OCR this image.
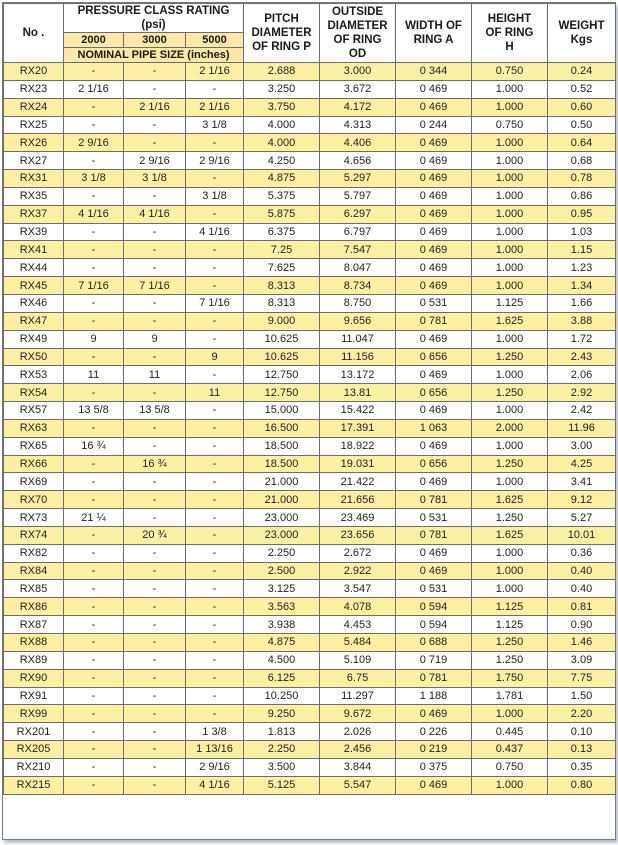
No .	PRESSURE CLASS RATING
(psi)			PITCH DIAMETER OF RING P	OUTSIDE DIAMETER OF RING OD	WIDTH OF RING A	HEIGHT OF RING H	WEIGHT Kgs
	2000	3000	5000					
	NOMINAL PIPE SIZE (inches)							
RX20	-	-	2 1/16	2.688	3.000	0 344	0.750	0.24
RX23	2 1/16	-	-	3.250	3.672	0 469	1.000	0.52
RX24	-	2 1/16	2 1/16	3.750	4.172	0 469	1.000	0.60
RX25	-	-	3 1/8	4.000	4.313	0 244	0.750	0.50
RX26	2 9/16	-	-	4.000	4.406	0 469	1.000	0.64
RX27	-	2 9/16	2 9/16	4.250	4.656	0 469	1.000	0.68
RX31	3 1/8	3 1/8	-	4.875	5.297	0 469	1.000	0.78
RX35	-	-	3 1/8	5.375	5.797	0 469	1.000	0.86
RX37	4 1/16	4 1/16	-	5.875	6.297	0 469	1.000	0.95
RX39	-	-	4 1/16	6.375	6.797	0 469	1.000	1.03
RX41	-	-	-	7.25	7.547	0 469	1.000	1.15
RX44	-	-	-	7.625	8.047	0 469	1.000	1.23
RX45	7 1/16	7 1/16	-	8.313	8.734	0 469	1.000	1.34
RX46	-	-	7 1/16	8.313	8.750	0 531	1.125	1.66
RX47	-	-	-	9.000	9.656	0 781	1.625	3.88
RX49	9	9	-	10.625	11.047	0 469	1.000	1.72
RX50	-	-	9	10.625	11.156	0 656	1.250	2.43
RX53	11	11	-	12.750	13.172	0 469	1.000	2.06
RX54	-	-	11	12.750	13.81	0 656	1.250	2.92
RX57	13 5/8	13 5/8	-	15.000	15.422	0 469	1.000	2.42
RX63	-	-	-	16.500	17.391	1 063	2.000	11.96
RX65	16 ¾	-	-	18.500	18.922	0 469	1.000	3.00
RX66	-	16 ¾	-	18.500	19.031	0 656	1.250	4.25
RX69	-	-	-	21.000	21.422	0 469	1.000	3.41
RX70	-	-	-	21.000	21.656	0 781	1.625	9.12
RX73	21 ¼	-	-	23.000	23.469	0 531	1.250	5.27
RX74	-	20 ¾	-	23.000	23.656	0 781	1.625	10.01
RX82	-	-	-	2.250	2.672	0 469	1.000	0.36
RX84	-	-	-	2.500	2.922	0 469	1.000	0.40
RX85	-	-	-	3.125	3.547	0 531	1.000	0.40
RX86	-	-	-	3.563	4.078	0 594	1.125	0.81
RX87	-	-	-	3.938	4.453	0 594	1.125	0.90
RX88	-	-	-	4.875	5.484	0 688	1.250	1.46
RX89	-	-	-	4.500	5.109	0 719	1.250	3.09
RX90	-	-	-	6.125	6.75	0 781	1.750	7.75
RX91	-	-	-	10.250	11.297	1 188	1.781	1.50
RX99	-	-	-	9.250	9.672	0 469	1.000	2.20
RX201	-	-	1 3/8	1.813	2.026	0 226	0.445	0.10
RX205	-	-	1 13/16	2.250	2.456	0 219	0.437	0.13
RX210	-	-	2 9/16	3.500	3.844	0 375	0.750	0.35
RX215	-	-	4 1/16	5.125	5.547	0 469	1.000	0.80
